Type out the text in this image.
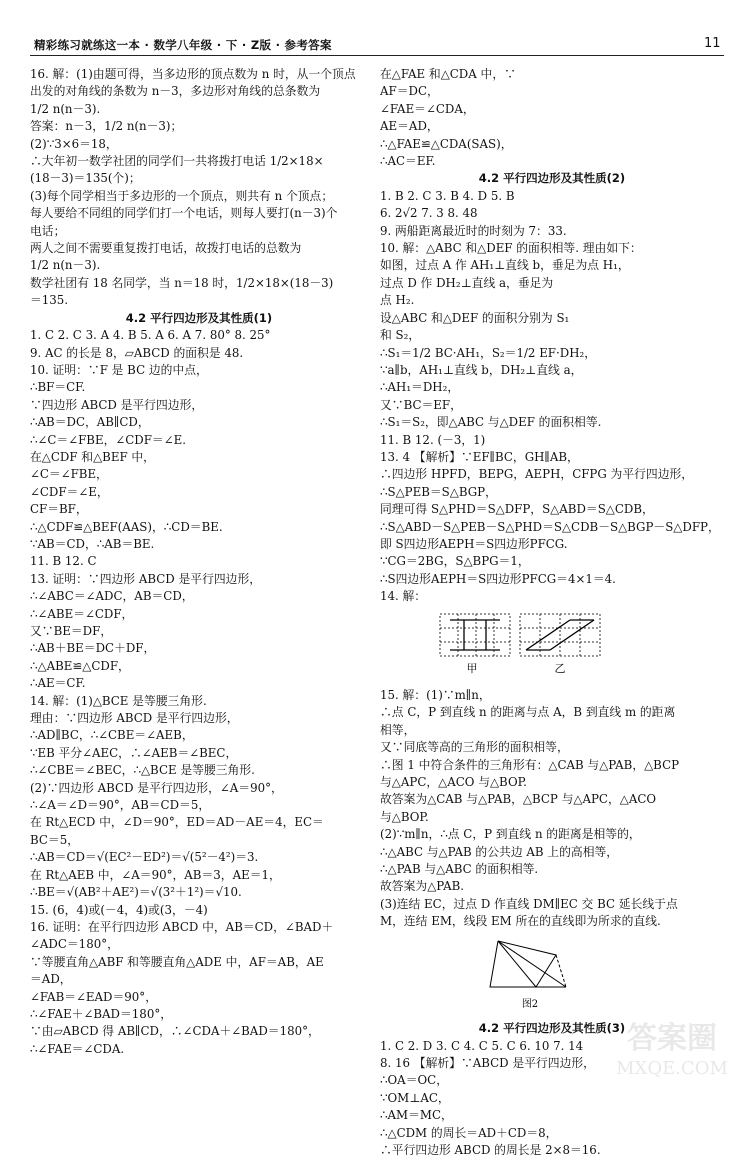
精彩练习就练这一本 · 数学八年级 · 下 · Z版 · 参考答案	11
16. 解：(1)由题可得，当多边形的顶点数为 n 时，从一个顶点
出发的对角线的条数为 n－3，多边形对角线的总条数为
1/2 n(n－3).
答案：n－3，1/2 n(n－3)；
(2)∵3×6＝18，
∴大年初一数学社团的同学们一共将拨打电话 1/2×18×
(18－3)＝135(个)；
(3)每个同学相当于多边形的一个顶点，则共有 n 个顶点；
每人要给不同组的同学们打一个电话，则每人要打(n－3)个
电话；
两人之间不需要重复拨打电话，故拨打电话的总数为
1/2 n(n－3).
数学社团有 18 名同学，当 n＝18 时，1/2×18×(18－3)
＝135.
4.2 平行四边形及其性质(1)
1. C 2. C 3. A 4. B 5. A 6. A 7. 80° 8. 25°
9. AC 的长是 8，▱ABCD 的面积是 48.
10. 证明：∵F 是 BC 边的中点，
∴BF＝CF.
∵四边形 ABCD 是平行四边形，
∴AB＝DC，AB∥CD，
∴∠C＝∠FBE，∠CDF＝∠E.
在△CDF 和△BEF 中，
∠C＝∠FBE，
∠CDF＝∠E，
CF＝BF，
∴△CDF≌△BEF(AAS)，∴CD＝BE.
∵AB＝CD，∴AB＝BE.
11. B 12. C
13. 证明：∵四边形 ABCD 是平行四边形，
∴∠ABC＝∠ADC，AB＝CD，
∴∠ABE＝∠CDF，
又∵BE＝DF，
∴AB＋BE＝DC＋DF，
∴△ABE≌△CDF，
∴AE＝CF.
14. 解：(1)△BCE 是等腰三角形.
理由：∵四边形 ABCD 是平行四边形，
∴AD∥BC，∴∠CBE＝∠AEB，
∵EB 平分∠AEC，∴∠AEB＝∠BEC，
∴∠CBE＝∠BEC，∴△BCE 是等腰三角形.
(2)∵四边形 ABCD 是平行四边形，∠A＝90°，
∴∠A＝∠D＝90°，AB＝CD＝5，
在 Rt△ECD 中，∠D＝90°，ED＝AD－AE＝4，EC＝
BC＝5，
∴AB＝CD＝√(EC²－ED²)＝√(5²－4²)＝3.
在 Rt△AEB 中，∠A＝90°，AB＝3，AE＝1，
∴BE＝√(AB²＋AE²)＝√(3²＋1²)＝√10.
15. (6，4)或(－4，4)或(3，－4)
16. 证明：在平行四边形 ABCD 中，AB＝CD，∠BAD＋
∠ADC＝180°，
∵等腰直角△ABF 和等腰直角△ADE 中，AF＝AB，AE
＝AD，
∠FAB＝∠EAD＝90°，
∴∠FAE＋∠BAD＝180°，
∵由▱ABCD 得 AB∥CD，∴∠CDA＋∠BAD＝180°，
∴∠FAE＝∠CDA.
在△FAE 和△CDA 中，∵
AF＝DC，
∠FAE＝∠CDA，
AE＝AD，
∴△FAE≌△CDA(SAS)，
∴AC＝EF.
4.2 平行四边形及其性质(2)
1. B 2. C 3. B 4. D 5. B
6. 2√2 7. 3 8. 48
9. 两船距离最近时的时刻为 7：33.
10. 解：△ABC 和△DEF 的面积相等. 理由如下：
如图，过点 A 作 AH₁⊥直线 b，垂足为点 H₁，
过点 D 作 DH₂⊥直线 a，垂足为
点 H₂.
设△ABC 和△DEF 的面积分别为 S₁
和 S₂，
∴S₁＝1/2 BC·AH₁，S₂＝1/2 EF·DH₂，
∵a∥b，AH₁⊥直线 b，DH₂⊥直线 a，
∴AH₁＝DH₂，
又∵BC＝EF，
∴S₁＝S₂，即△ABC 与△DEF 的面积相等.
11. B 12. (－3，1)
13. 4 【解析】∵EF∥BC，GH∥AB，
∴四边形 HPFD，BEPG，AEPH，CFPG 为平行四边形，
∴S△PEB＝S△BGP，
同理可得 S△PHD＝S△DFP，S△ABD＝S△CDB，
∴S△ABD－S△PEB－S△PHD＝S△CDB－S△BGP－S△DFP，
即 S四边形AEPH＝S四边形PFCG.
∵CG＝2BG，S△BPG＝1，
∴S四边形AEPH＝S四边形PFCG＝4×1＝4.
14. 解：
甲	乙
15. 解：(1)∵m∥n，
∴点 C，P 到直线 n 的距离与点 A，B 到直线 m 的距离
相等，
又∵同底等高的三角形的面积相等，
∴图 1 中符合条件的三角形有：△CAB 与△PAB，△BCP
与△APC，△ACO 与△BOP.
故答案为△CAB 与△PAB，△BCP 与△APC，△ACO
与△BOP.
(2)∵m∥n，∴点 C，P 到直线 n 的距离是相等的，
∴△ABC 与△PAB 的公共边 AB 上的高相等，
∴△PAB 与△ABC 的面积相等.
故答案为△PAB.
(3)连结 EC，过点 D 作直线 DM∥EC 交 BC 延长线于点
M，连结 EM，线段 EM 所在的直线即为所求的直线.
图2
4.2 平行四边形及其性质(3)
1. C 2. D 3. C 4. C 5. C 6. 10 7. 14
8. 16 【解析】∵ABCD 是平行四边形，
∴OA＝OC，
∵OM⊥AC，
∴AM＝MC，
∴△CDM 的周长＝AD＋CD＝8，
∴平行四边形 ABCD 的周长是 2×8＝16.
答案圈
MXQE.COM
